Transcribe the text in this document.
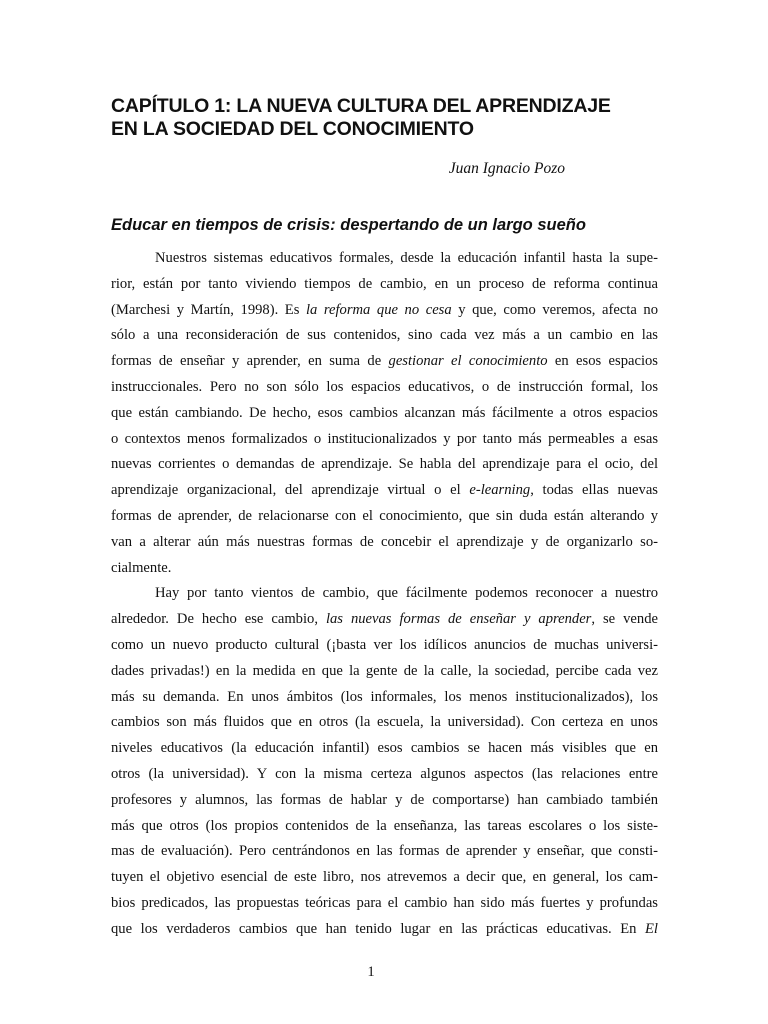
CAPÍTULO 1: LA NUEVA CULTURA DEL APRENDIZAJE
EN LA SOCIEDAD DEL CONOCIMIENTO
Juan Ignacio Pozo
Educar en tiempos de crisis: despertando de un largo sueño
Nuestros sistemas educativos formales, desde la educación infantil hasta la supe-
rior, están por tanto viviendo tiempos de cambio, en un proceso de reforma continua
(Marchesi y Martín, 1998). Es la reforma que no cesa y que, como veremos, afecta no
sólo a una reconsideración de sus contenidos, sino cada vez más a un cambio en las
formas de enseñar y aprender, en suma de gestionar el conocimiento en esos espacios
instruccionales. Pero no son sólo los espacios educativos, o de instrucción formal, los
que están cambiando. De hecho, esos cambios alcanzan más fácilmente a otros espacios
o contextos menos formalizados o institucionalizados y por tanto más permeables a esas
nuevas corrientes o demandas de aprendizaje. Se habla del aprendizaje para el ocio, del
aprendizaje organizacional, del aprendizaje virtual o el e-learning, todas ellas nuevas
formas de aprender, de relacionarse con el conocimiento, que sin duda están alterando y
van a alterar aún más nuestras formas de concebir el aprendizaje y de organizarlo so-
cialmente.
Hay por tanto vientos de cambio, que fácilmente podemos reconocer a nuestro
alrededor. De hecho ese cambio, las nuevas formas de enseñar y aprender, se vende
como un nuevo producto cultural (¡basta ver los idílicos anuncios de muchas universi-
dades privadas!) en la medida en que la gente de la calle, la sociedad, percibe cada vez
más su demanda. En unos ámbitos (los informales, los menos institucionalizados), los
cambios son más fluidos que en otros (la escuela, la universidad). Con certeza en unos
niveles educativos (la educación infantil) esos cambios se hacen más visibles que en
otros (la universidad). Y con la misma certeza algunos aspectos (las relaciones entre
profesores y alumnos, las formas de hablar y de comportarse) han cambiado también
más que otros (los propios contenidos de la enseñanza, las tareas escolares o los siste-
mas de evaluación). Pero centrándonos en las formas de aprender y enseñar, que consti-
tuyen el objetivo esencial de este libro, nos atrevemos a decir que, en general, los cam-
bios predicados, las propuestas teóricas para el cambio han sido más fuertes y profundas
que los verdaderos cambios que han tenido lugar en las prácticas educativas. En El
1
